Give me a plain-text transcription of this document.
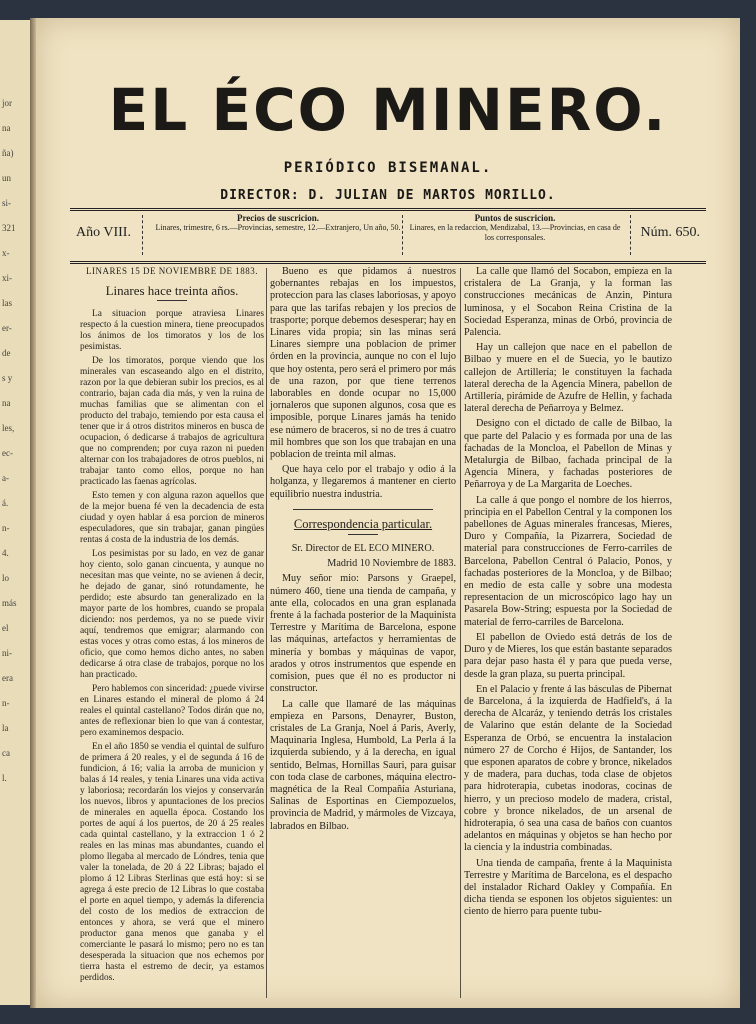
jor
na
ña)
un
si-
321
x-
xi-
las
er-
de
s y
na
les,
ec-
a-
á.
n-
4.
lo
más
el
ni-
era
n-
la
ca
l.
EL ÉCO MINERO.
PERIÓDICO BISEMANAL.
DIRECTOR: D. JULIAN DE MARTOS MORILLO.
Año VIII.
Precios de suscricion.
Linares, trimestre, 6 rs.—Provincias, semestre, 12.—Extranjero, Un año, 50.
Puntos de suscricion.
Linares, en la redaccion, Mendizabal, 13.—Provincias, en casa de los corresponsales.	Núm. 650.
LINARES 15 DE NOVIEMBRE DE 1883.
Linares hace treinta años.

La situacion porque atraviesa Linares respecto á la cuestion minera, tiene preocupados los ánimos de los timoratos y los de los pesimistas.

De los timoratos, porque viendo que los minerales van escaseando algo en el distrito, razon por la que debieran subir los precios, es al contrario, bajan cada dia más, y ven la ruina de muchas familias que se alimentan con el producto del trabajo, temiendo por esta causa el tener que ir á otros distritos mineros en busca de ocupacion, ó dedicarse á trabajos de agricultura que no comprenden; por cuya razon ni pueden alternar con los trabajadores de otros pueblos, ni trabajar tanto como ellos, porque no han practicado las faenas agrícolas.

Esto temen y con alguna razon aquellos que de la mejor buena fé ven la decadencia de esta ciudad y oyen hablar á esa porcion de mineros especuladores, que sin trabajar, ganan pingües rentas á costa de la industria de los demás.

Los pesimistas por su lado, en vez de ganar hoy ciento, solo ganan cincuenta, y aunque no necesitan mas que veinte, no se avienen á decir, he dejado de ganar, sinó rotundamente, he perdido; este absurdo tan generalizado en la mayor parte de los hombres, cuando se propala diciendo: nos perdemos, ya no se puede vivir aquí, tendremos que emigrar; alarmando con estas voces y otras como estas, á los mineros de oficio, que como hemos dicho antes, no saben dedicarse á otra clase de trabajos, porque no los han practicado.

Pero hablemos con sinceridad: ¿puede vivirse en Linares estando el mineral de plomo á 24 reales el quintal castellano? Todos dirán que no, antes de reflexionar bien lo que van á contestar, pero examinemos despacio.

En el año 1850 se vendia el quintal de sulfuro de primera á 20 reales, y el de segunda á 16 de fundicion, á 16; valia la arroba de municion y balas á 14 reales, y tenia Linares una vida activa y laboriosa; recordarán los viejos y conservarán los nuevos, libros y apuntaciones de los precios de minerales en aquella época. Costando los portes de aquí á los puertos, de 20 á 25 reales cada quintal castellano, y la extraccion 1 ó 2 reales en las minas mas abundantes, cuando el plomo llegaba al mercado de Lóndres, tenia que valer la tonelada, de 20 á 22 Libras; bajado el plomo á 12 Libras Sterlinas que está hoy: si se agrega á este precio de 12 Libras lo que costaba el porte en aquel tiempo, y además la diferencia del costo de los medios de extraccion de entonces y ahora, se verá que el minero productor gana menos que ganaba y el comerciante le pasará lo mismo; pero no es tan desesperada la situacion que nos echemos por tierra hasta el estremo de decir, ya estamos perdidos.

Bueno es que pidamos á nuestros gobernantes rebajas en los impuestos, proteccion para las clases laboriosas, y apoyo para que las tarifas rebajen y los precios de trasporte; porque debemos desesperar; hay en Linares vida propia; sin las minas será Linares siempre una poblacion de primer órden en la provincia, aunque no con el lujo que hoy ostenta, pero será el primero por más de una razon, por que tiene terrenos laborables en donde ocupar no 15,000 jornaleros que suponen algunos, cosa que es imposible, porque Linares jamás ha tenido ese número de braceros, si no de tres á cuatro mil hombres que son los que trabajan en una poblacion de treinta mil almas.

Que haya celo por el trabajo y odio á la holganza, y llegaremos á mantener en cierto equilibrio nuestra industria.

Correspondencia particular.

Sr. Director de EL ECO MINERO.

Madrid 10 Noviembre de 1883.

Muy señor mio: Parsons y Graepel, número 460, tiene una tienda de campaña, y ante ella, colocados en una gran esplanada frente á la fachada posterior de la Maquinista Terrestre y Marítima de Barcelona, espone las máquinas, artefactos y herramientas de minería y bombas y máquinas de vapor, arados y otros instrumentos que espende en comision, pues que él no es productor ni constructor.

La calle que llamaré de las máquinas empieza en Parsons, Denayrer, Buston, cristales de La Granja, Noel á Paris, Averly, Maquinaria Inglesa, Humbold, La Perla á la izquierda subiendo, y á la derecha, en igual sentido, Belmas, Hornillas Sauri, para guisar con toda clase de carbones, máquina electro-magnética de la Real Compañía Asturiana, Salinas de Esportinas en Ciempozuelos, provincia de Madrid, y mármoles de Vizcaya, labrados en Bilbao.

La calle que llamó del Socabon, empieza en la cristalera de La Granja, y la forman las construcciones mecánicas de Anzin, Pintura luminosa, y el Socabon Reina Cristina de la Sociedad Esperanza, minas de Orbó, provincia de Palencia.

Hay un callejon que nace en el pabellon de Bilbao y muere en el de Suecia, yo le bautizo callejon de Artillería; le constituyen la fachada lateral derecha de la Agencia Minera, pabellon de Artillería, pirámide de Azufre de Hellin, y fachada lateral derecha de Peñarroya y Belmez.

Designo con el dictado de calle de Bilbao, la que parte del Palacio y es formada por una de las fachadas de la Moncloa, el Pabellon de Minas y Metalurgia de Bilbao, fachada principal de la Agencia Minera, y fachadas posteriores de Peñarroya y de La Margarita de Loeches.

La calle á que pongo el nombre de los hierros, principia en el Pabellon Central y la componen los pabellones de Aguas minerales francesas, Mieres, Duro y Compañía, la Pizarrera, Sociedad de material para construcciones de Ferro-carriles de Barcelona, Pabellon Central ó Palacio, Ponos, y fachadas posteriores de la Moncloa, y de Bilbao; en medio de esta calle y sobre una modesta representacion de un microscópico lago hay un Pasarela Bow-String; espuesta por la Sociedad de material de ferro-carriles de Barcelona.

El pabellon de Oviedo está detrás de los de Duro y de Mieres, los que están bastante separados para dejar paso hasta él y para que pueda verse, desde la gran plaza, su puerta principal.

En el Palacio y frente á las básculas de Pibernat de Barcelona, á la izquierda de Hadfield's, á la derecha de Alcaráz, y teniendo detrás los cristales de Valarino que están delante de la Sociedad Esperanza de Orbó, se encuentra la instalacion número 27 de Corcho é Hijos, de Santander, los que esponen aparatos de cobre y bronce, nikelados y de madera, para duchas, toda clase de objetos para hidroterapia, cubetas inodoras, cocinas de hierro, y un precioso modelo de madera, cristal, cobre y bronce nikelados, de un arsenal de hidroterapia, ó sea una casa de baños con cuantos adelantos en máquinas y objetos se han hecho por la ciencia y la industria combinadas.

Una tienda de campaña, frente á la Maquinista Terrestre y Marítima de Barcelona, es el despacho del instalador Richard Oakley y Compañía. En dicha tienda se esponen los objetos siguientes: un ciento de hierro para puente tubu-
